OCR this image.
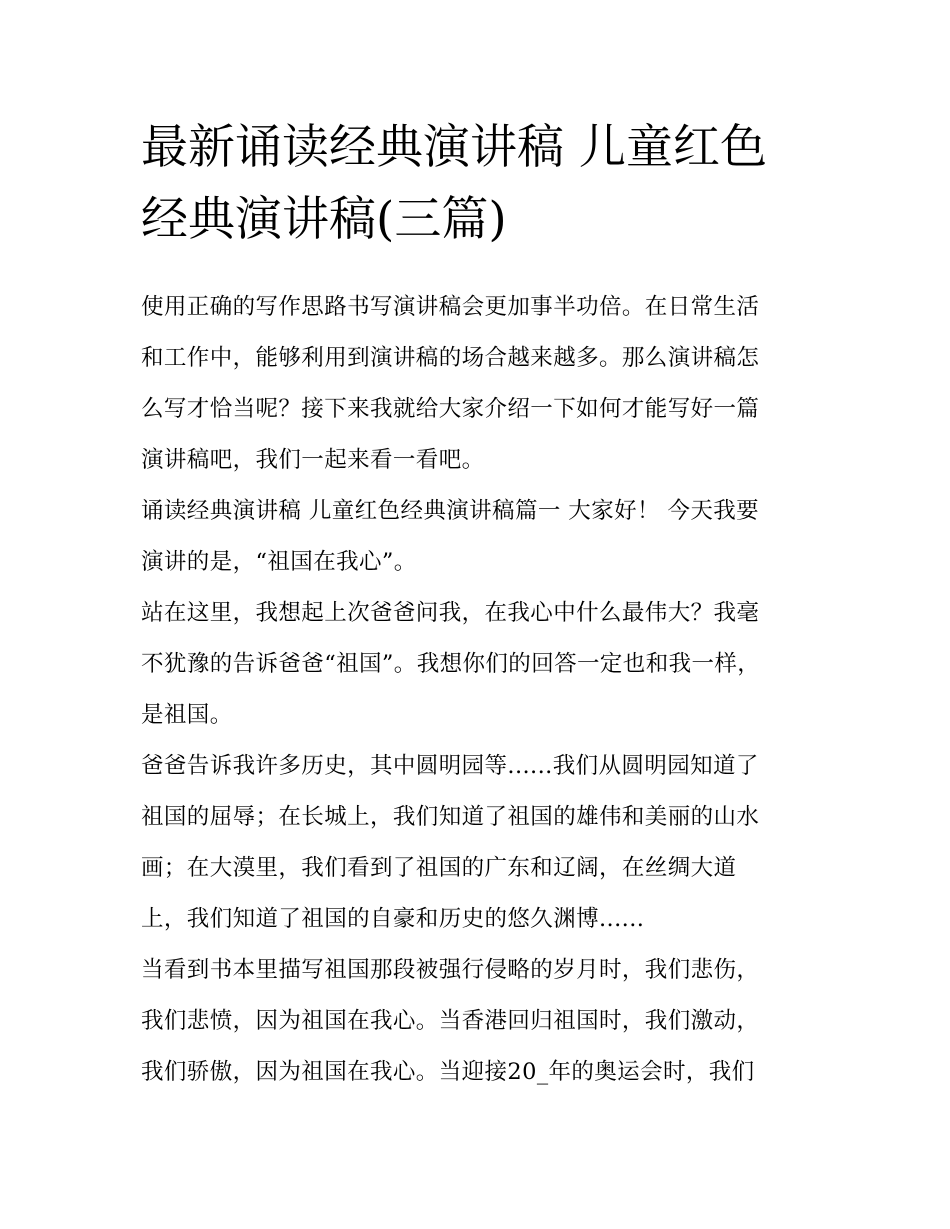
最新诵读经典演讲稿 儿童红色
经典演讲稿(三篇)

使用正确的写作思路书写演讲稿会更加事半功倍。在日常生活
和工作中，能够利用到演讲稿的场合越来越多。那么演讲稿怎
么写才恰当呢？接下来我就给大家介绍一下如何才能写好一篇
演讲稿吧，我们一起来看一看吧。

诵读经典演讲稿 儿童红色经典演讲稿篇一 大家好！ 今天我要
演讲的是，“祖国在我心”。

站在这里，我想起上次爸爸问我，在我心中什么最伟大？我毫
不犹豫的告诉爸爸“祖国”。我想你们的回答一定也和我一样，
是祖国。

爸爸告诉我许多历史，其中圆明园等......我们从圆明园知道了
祖国的屈辱；在长城上，我们知道了祖国的雄伟和美丽的山水
画；在大漠里，我们看到了祖国的广东和辽阔，在丝绸大道
上，我们知道了祖国的自豪和历史的悠久渊博......

当看到书本里描写祖国那段被强行侵略的岁月时，我们悲伤，
我们悲愤，因为祖国在我心。当香港回归祖国时，我们激动，
我们骄傲，因为祖国在我心。当迎接20_年的奥运会时，我们
